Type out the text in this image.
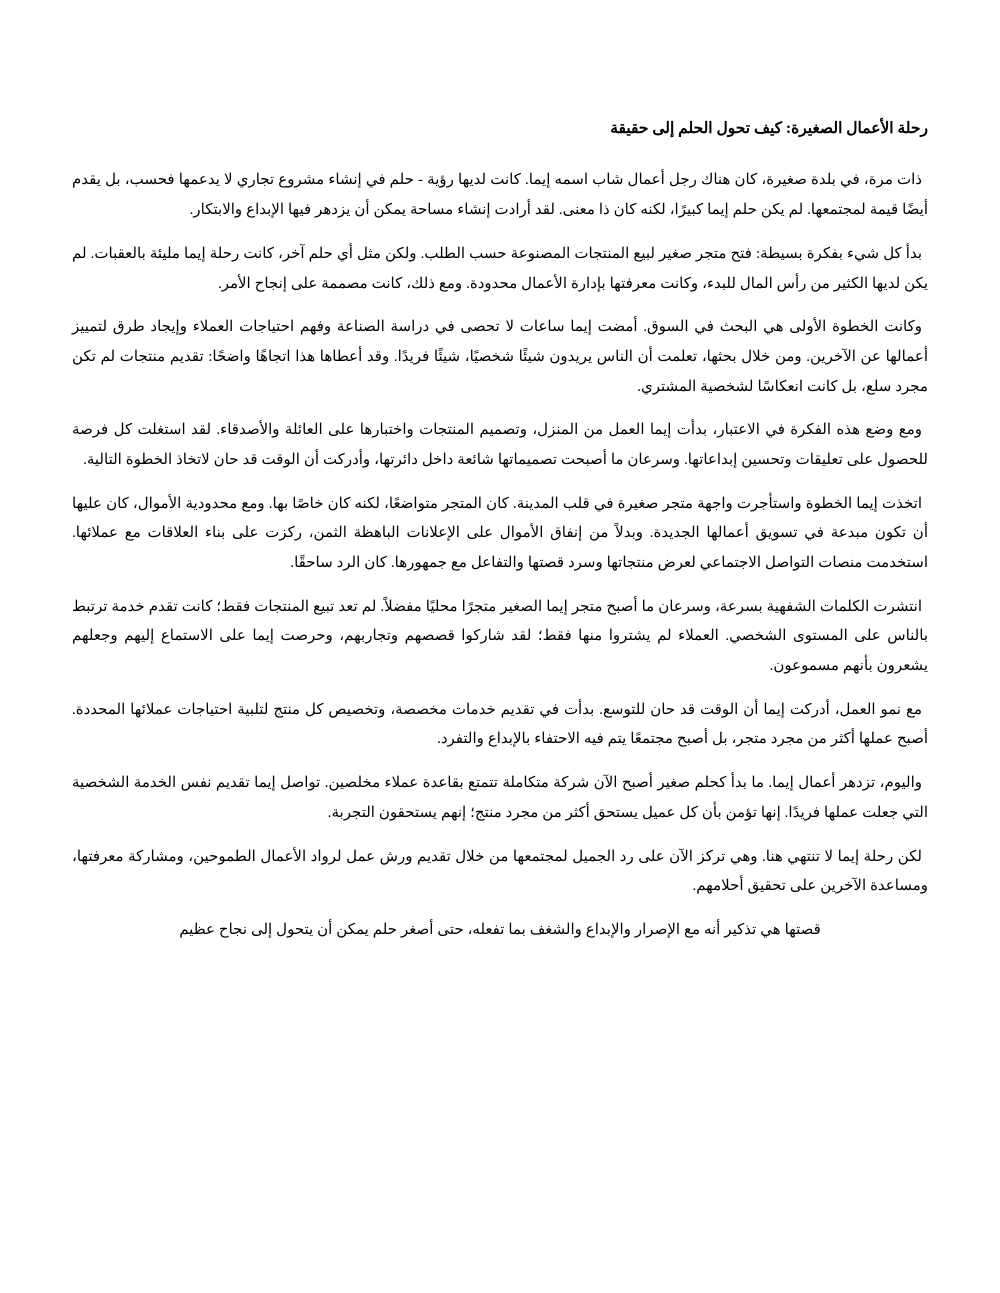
رحلة الأعمال الصغيرة: كيف تحول الحلم إلى حقيقة

ذات مرة، في بلدة صغيرة، كان هناك رجل أعمال شاب اسمه إيما. كانت لديها رؤية - حلم في إنشاء مشروع تجاري لا يدعمها فحسب، بل يقدم أيضًا قيمة لمجتمعها. لم يكن حلم إيما كبيرًا، لكنه كان ذا معنى. لقد أرادت إنشاء مساحة يمكن أن يزدهر فيها الإبداع والابتكار.

بدأ كل شيء بفكرة بسيطة: فتح متجر صغير لبيع المنتجات المصنوعة حسب الطلب. ولكن مثل أي حلم آخر، كانت رحلة إيما مليئة بالعقبات. لم يكن لديها الكثير من رأس المال للبدء، وكانت معرفتها بإدارة الأعمال محدودة. ومع ذلك، كانت مصممة على إنجاح الأمر.

وكانت الخطوة الأولى هي البحث في السوق. أمضت إيما ساعات لا تحصى في دراسة الصناعة وفهم احتياجات العملاء وإيجاد طرق لتمييز أعمالها عن الآخرين. ومن خلال بحثها، تعلمت أن الناس يريدون شيئًا شخصيًا، شيئًا فريدًا. وقد أعطاها هذا اتجاهًا واضحًا: تقديم منتجات لم تكن مجرد سلع، بل كانت انعكاسًا لشخصية المشتري.

ومع وضع هذه الفكرة في الاعتبار، بدأت إيما العمل من المنزل، وتصميم المنتجات واختبارها على العائلة والأصدقاء. لقد استغلت كل فرصة للحصول على تعليقات وتحسين إبداعاتها. وسرعان ما أصبحت تصميماتها شائعة داخل دائرتها، وأدركت أن الوقت قد حان لاتخاذ الخطوة التالية.

اتخذت إيما الخطوة واستأجرت واجهة متجر صغيرة في قلب المدينة. كان المتجر متواضعًا، لكنه كان خاصًا بها. ومع محدودية الأموال، كان عليها أن تكون مبدعة في تسويق أعمالها الجديدة. وبدلاً من إنفاق الأموال على الإعلانات الباهظة الثمن، ركزت على بناء العلاقات مع عملائها. استخدمت منصات التواصل الاجتماعي لعرض منتجاتها وسرد قصتها والتفاعل مع جمهورها. كان الرد ساحقًا.

انتشرت الكلمات الشفهية بسرعة، وسرعان ما أصبح متجر إيما الصغير متجرًا محليًا مفضلاً. لم تعد تبيع المنتجات فقط؛ كانت تقدم خدمة ترتبط بالناس على المستوى الشخصي. العملاء لم يشتروا منها فقط؛ لقد شاركوا قصصهم وتجاربهم، وحرصت إيما على الاستماع إليهم وجعلهم يشعرون بأنهم مسموعون.

مع نمو العمل، أدركت إيما أن الوقت قد حان للتوسع. بدأت في تقديم خدمات مخصصة، وتخصيص كل منتج لتلبية احتياجات عملائها المحددة. أصبح عملها أكثر من مجرد متجر، بل أصبح مجتمعًا يتم فيه الاحتفاء بالإبداع والتفرد.

واليوم، تزدهر أعمال إيما. ما بدأ كحلم صغير أصبح الآن شركة متكاملة تتمتع بقاعدة عملاء مخلصين. تواصل إيما تقديم نفس الخدمة الشخصية التي جعلت عملها فريدًا. إنها تؤمن بأن كل عميل يستحق أكثر من مجرد منتج؛ إنهم يستحقون التجربة.

لكن رحلة إيما لا تنتهي هنا. وهي تركز الآن على رد الجميل لمجتمعها من خلال تقديم ورش عمل لرواد الأعمال الطموحين، ومشاركة معرفتها، ومساعدة الآخرين على تحقيق أحلامهم.

قصتها هي تذكير أنه مع الإصرار والإبداع والشغف بما تفعله، حتى أصغر حلم يمكن أن يتحول إلى نجاح عظيم
